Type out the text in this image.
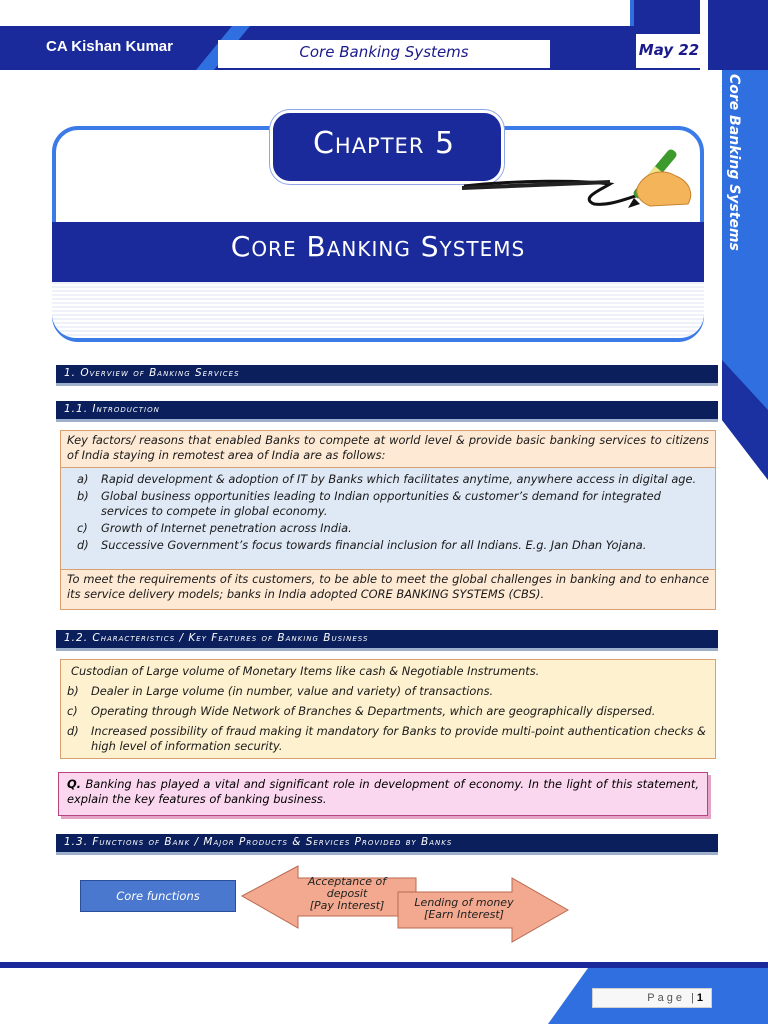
CA Kishan Kumar	Core Banking Systems	May 22
Core Banking Systems
Core Banking Systems
Chapter 5
1. Overview of Banking Services
1.1. Introduction
Key factors/ reasons that enabled Banks to compete at world level & provide basic banking services to citizens of India staying in remotest area of India are as follows:
a) Rapid development & adoption of IT by Banks which facilitates anytime, anywhere access in digital age.
b) Global business opportunities leading to Indian opportunities & customer’s demand for integrated services to compete in global economy.
c) Growth of Internet penetration across India.
d) Successive Government’s focus towards financial inclusion for all Indians. E.g. Jan Dhan Yojana.
To meet the requirements of its customers, to be able to meet the global challenges in banking and to enhance its service delivery models; banks in India adopted CORE BANKING SYSTEMS (CBS).
1.2. Characteristics / Key Features of Banking Business
Custodian of Large volume of Monetary Items like cash & Negotiable Instruments.
b) Dealer in Large volume (in number, value and variety) of transactions.
c) Operating through Wide Network of Branches & Departments, which are geographically dispersed.
d) Increased possibility of fraud making it mandatory for Banks to provide multi-point authentication checks & high level of information security.
Q. Banking has played a vital and significant role in development of economy. In the light of this statement, explain the key features of banking business.
1.3. Functions of Bank / Major Products & Services Provided by Banks
Core functions
Acceptance of
deposit
[Pay Interest]	Lending of money
[Earn Interest]
Page |1
